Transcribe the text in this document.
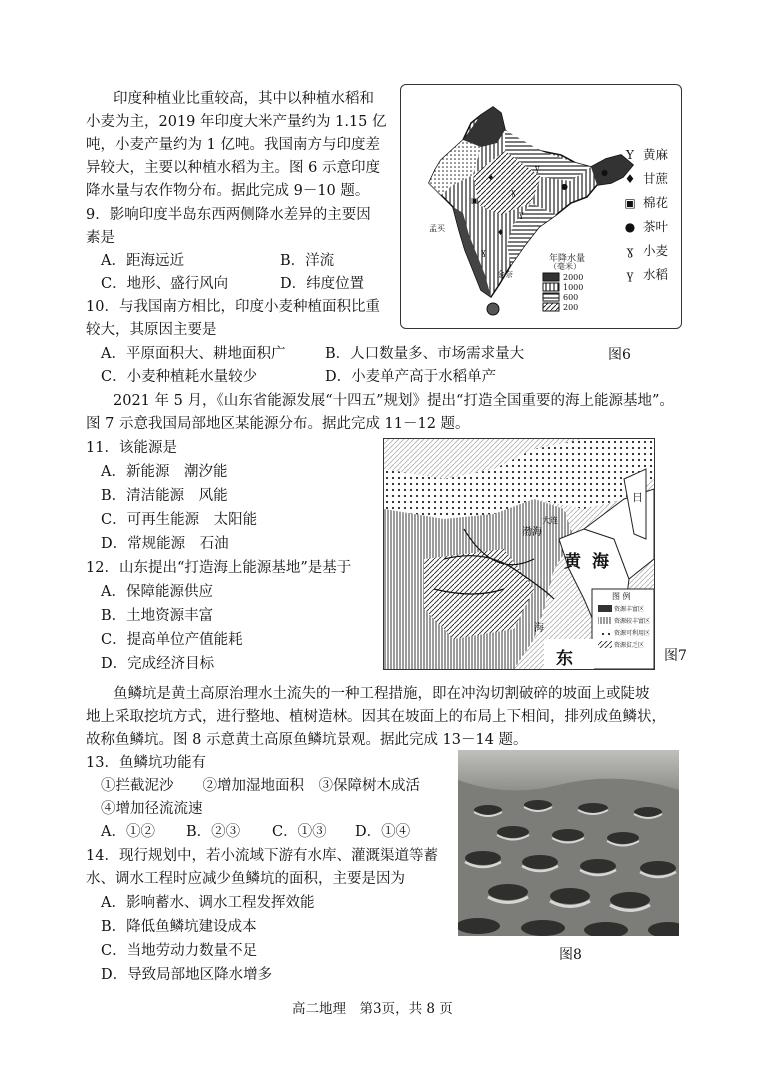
印度种植业比重较高，其中以种植水稻和
小麦为主，2019 年印度大米产量约为 1.15 亿
吨，小麦产量约为 1 亿吨。我国南方与印度差
异较大，主要以种植水稻为主。图 6 示意印度
降水量与农作物分布。据此完成 9－10 题。
9．影响印度半岛东西两侧降水差异的主要因
素是
A．距海远近	B．洋流
C．地形、盛行风向	D．纬度位置
10．与我国南方相比，印度小麦种植面积比重
较大，其原因主要是
A．平原面积大、耕地面积广	B．人口数量多、市场需求量大
C．小麦种植耗水量较少	D．小麦单产高于水稻单产
♦
ɣ
ү
▣
♦
●
●
ү
ɣ
年降水量
（毫米）
2000
1000
600
200
孟买
金奈
Y 黄麻
♦ 甘蔗
▣ 棉花
● 茶叶
ɣ 小麦
ү 水稻
图6
2021 年 5 月，《山东省能源发展“十四五”规划》提出“打造全国重要的海上能源基地”。
图 7 示意我国局部地区某能源分布。据此完成 11－12 题。
11．该能源是
A．新能源　潮汐能
B．清洁能源　风能
C．可再生能源　太阳能
D．常规能源　石油
12．山东提出“打造海上能源基地”是基于
A．保障能源供应
B．土地资源丰富
C．提高单位产值能耗
D．完成经济目标
黄 海
东
海
渤海
日
大连
图 例
资源丰富区
资源较丰富区
资源可利用区
资源贫乏区
图7
鱼鳞坑是黄土高原治理水土流失的一种工程措施，即在冲沟切割破碎的坡面上或陡坡
地上采取挖坑方式，进行整地、植树造林。因其在坡面上的布局上下相间，排列成鱼鳞状，
故称鱼鳞坑。图 8 示意黄土高原鱼鳞坑景观。据此完成 13－14 题。
13．鱼鳞坑功能有
①拦截泥沙　　②增加湿地面积　③保障树木成活
④增加径流流速
A．①② B．②③ C．①③ D．①④
14．现行规划中，若小流域下游有水库、灌溉渠道等蓄
水、调水工程时应减少鱼鳞坑的面积，主要是因为
A．影响蓄水、调水工程发挥效能
B．降低鱼鳞坑建设成本
C．当地劳动力数量不足
D．导致局部地区降水增多
图8
高二地理　第3页，共 8 页
